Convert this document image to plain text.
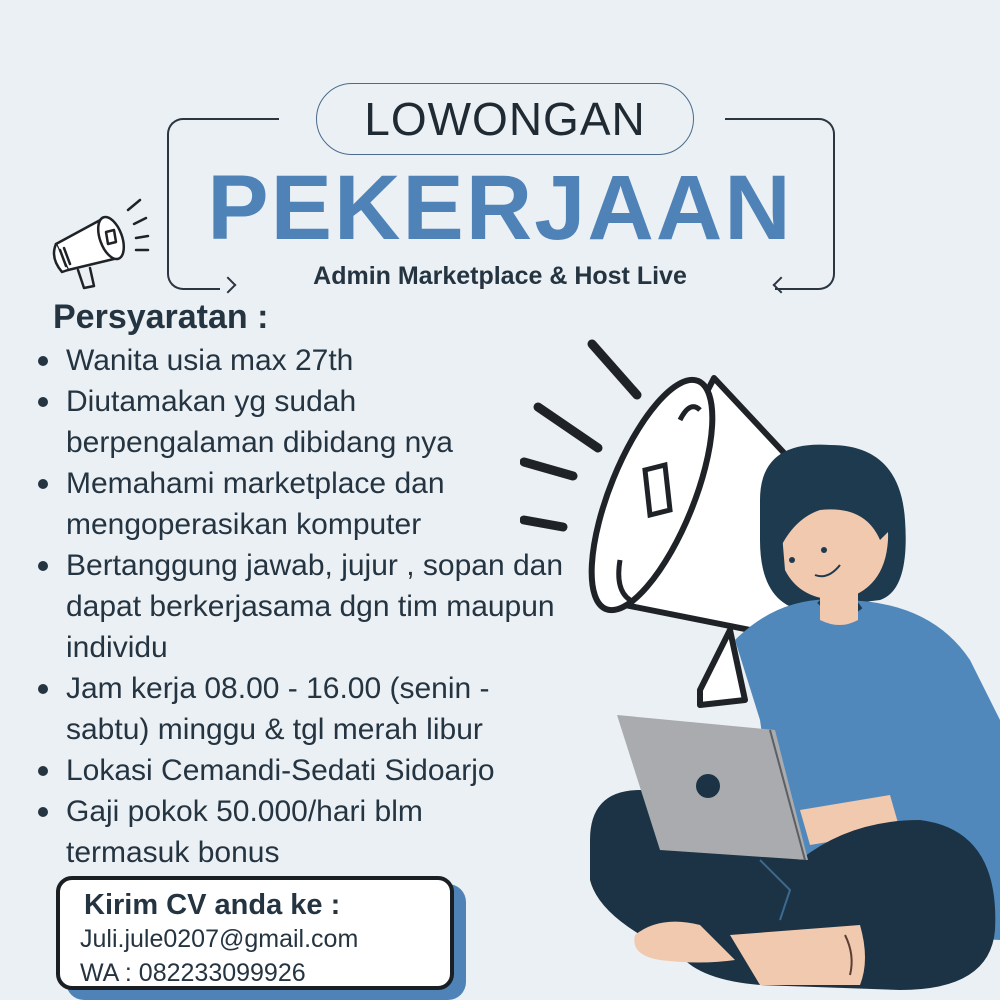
LOWONGAN
PEKERJAAN
Admin Marketplace & Host Live
Persyaratan :
Wanita usia max 27th
Diutamakan yg sudah berpengalaman dibidang nya
Memahami marketplace dan mengoperasikan komputer
Bertanggung jawab, jujur , sopan dan dapat berkerjasama dgn tim maupun individu
Jam kerja 08.00 - 16.00 (senin - sabtu) minggu & tgl merah libur
Lokasi Cemandi-Sedati Sidoarjo
Gaji pokok 50.000/hari blm termasuk bonus
Kirim CV anda ke :
Juli.jule0207@gmail.com
WA : 082233099926
